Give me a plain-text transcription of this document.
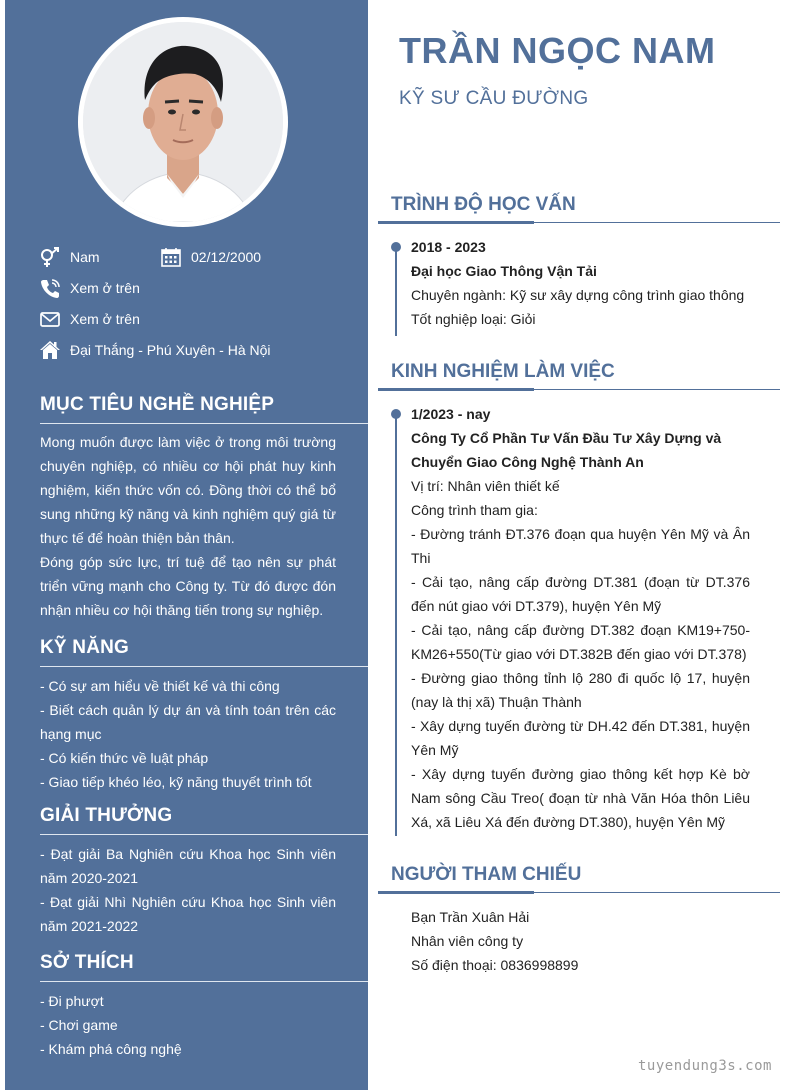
Nam	02/12/2000
Xem ở trên
Xem ở trên
Đại Thắng - Phú Xuyên - Hà Nội
MỤC TIÊU NGHỀ NGHIỆP

Mong muốn được làm việc ở trong môi trường chuyên nghiệp, có nhiều cơ hội phát huy kinh nghiệm, kiến thức vốn có. Đồng thời có thể bổ sung những kỹ năng và kinh nghiệm quý giá từ thực tế để hoàn thiện bản thân.

Đóng góp sức lực, trí tuệ để tạo nên sự phát triển vững mạnh cho Công ty. Từ đó được đón nhận nhiều cơ hội thăng tiến trong sự nghiệp.

KỸ NĂNG

- Có sự am hiểu về thiết kế và thi công

- Biết cách quản lý dự án và tính toán trên các hạng mục

- Có kiến thức về luật pháp

- Giao tiếp khéo léo, kỹ năng thuyết trình tốt

GIẢI THƯỞNG

- Đạt giải Ba Nghiên cứu Khoa học Sinh viên năm 2020-2021

- Đạt giải Nhì Nghiên cứu Khoa học Sinh viên năm 2021-2022

SỞ THÍCH

- Đi phượt

- Chơi game

- Khám phá công nghệ

TRẦN NGỌC NAM
KỸ SƯ CẦU ĐƯỜNG
TRÌNH ĐỘ HỌC VẤN

2018 - 2023

Đại học Giao Thông Vận Tải

Chuyên ngành: Kỹ sư xây dựng công trình giao thông

Tốt nghiệp loại: Giỏi

KINH NGHIỆM LÀM VIỆC

1/2023 - nay

Công Ty Cổ Phần Tư Vấn Đầu Tư Xây Dựng và Chuyển Giao Công Nghệ Thành An

Vị trí: Nhân viên thiết kế

Công trình tham gia:

- Đường tránh ĐT.376 đoạn qua huyện Yên Mỹ và Ân Thi

- Cải tạo, nâng cấp đường DT.381 (đoạn từ DT.376 đến nút giao với DT.379), huyện Yên Mỹ

- Cải tạo, nâng cấp đường DT.382 đoạn KM19+750-KM26+550(Từ giao với DT.382B đến giao với DT.378)

- Đường giao thông tỉnh lộ 280 đi quốc lộ 17, huyện (nay là thị xã) Thuận Thành

- Xây dựng tuyến đường từ DH.42 đến DT.381, huyện Yên Mỹ

- Xây dựng tuyến đường giao thông kết hợp Kè bờ Nam sông Cầu Treo( đoạn từ nhà Văn Hóa thôn Liêu Xá, xã Liêu Xá đến đường DT.380), huyện Yên Mỹ

NGƯỜI THAM CHIẾU

Bạn Trần Xuân Hải

Nhân viên công ty

Số điện thoại: 0836998899

tuyendung3s.com
